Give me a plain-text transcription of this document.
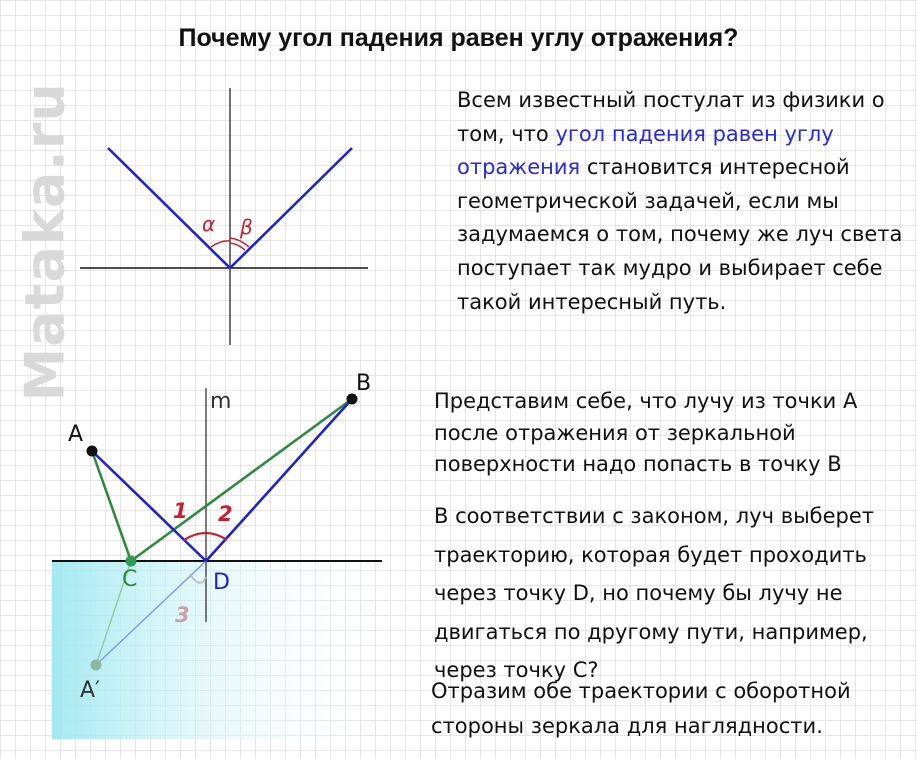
Почему угол падения равен углу отражения?
Mataka.ru	α β
A
B
m
C	D
A′
1 2
3

Всем известный постулат из физики о том, что угол падения равен углу отражения становится интересной геометрической задачей, если мы задумаемся о том, почему же луч света поступает так мудро и выбирает себе такой интересный путь.

Представим себе, что лучу из точки А после отражения от зеркальной поверхности надо попасть в точку B

В соответствии с законом, луч выберет траекторию, которая будет проходить через точку D, но почему бы лучу не двигаться по другому пути, например, через точку C?

Отразим обе траектории с оборотной стороны зеркала для наглядности.
